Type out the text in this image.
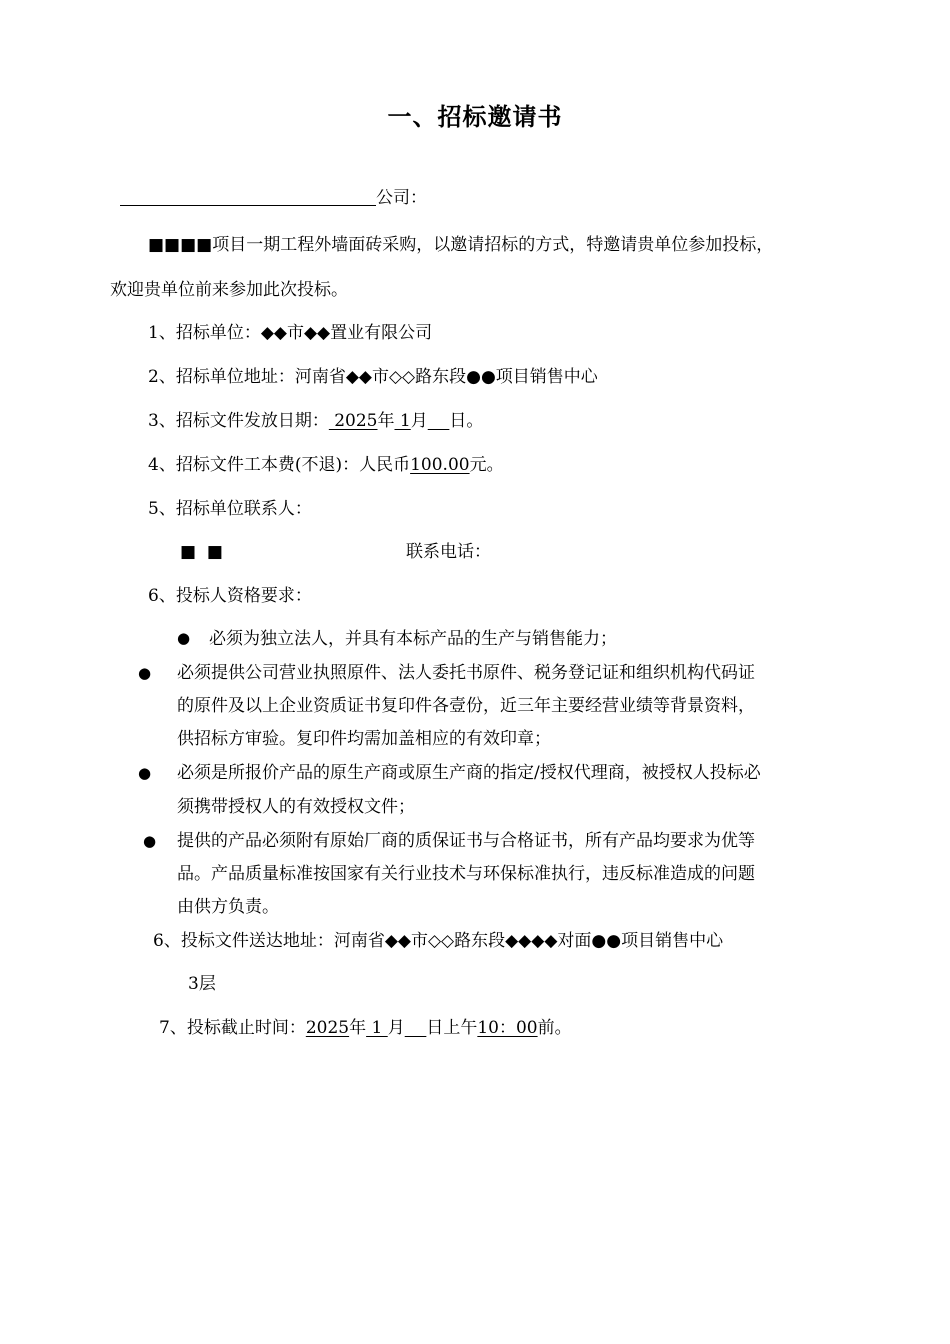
一、招标邀请书
公司：
■■■■项目一期工程外墙面砖采购，以邀请招标的方式，特邀请贵单位参加投标，
欢迎贵单位前来参加此次投标。
1、招标单位：◆◆市◆◆置业有限公司
2、招标单位地址：河南省◆◆市◇◇路东段●●项目销售中心
3、招标文件发放日期： 2025年 1月 日。
4、招标文件工本费(不退)：人民币100.00元。
5、招标单位联系人：
■  ■	联系电话：
6、投标人资格要求：
● 必须为独立法人，并具有本标产品的生产与销售能力；
● 必须提供公司营业执照原件、法人委托书原件、税务登记证和组织机构代码证
的原件及以上企业资质证书复印件各壹份，近三年主要经营业绩等背景资料，
供招标方审验。复印件均需加盖相应的有效印章；
● 必须是所报价产品的原生产商或原生产商的指定/授权代理商，被授权人投标必
须携带授权人的有效授权文件；
● 提供的产品必须附有原始厂商的质保证书与合格证书，所有产品均要求为优等
品。产品质量标准按国家有关行业技术与环保标准执行，违反标准造成的问题
由供方负责。
6、投标文件送达地址：河南省◆◆市◇◇路东段◆◆◆◆对面●●项目销售中心
3层
7、投标截止时间：2025年 1 月 日上午10：00前。
